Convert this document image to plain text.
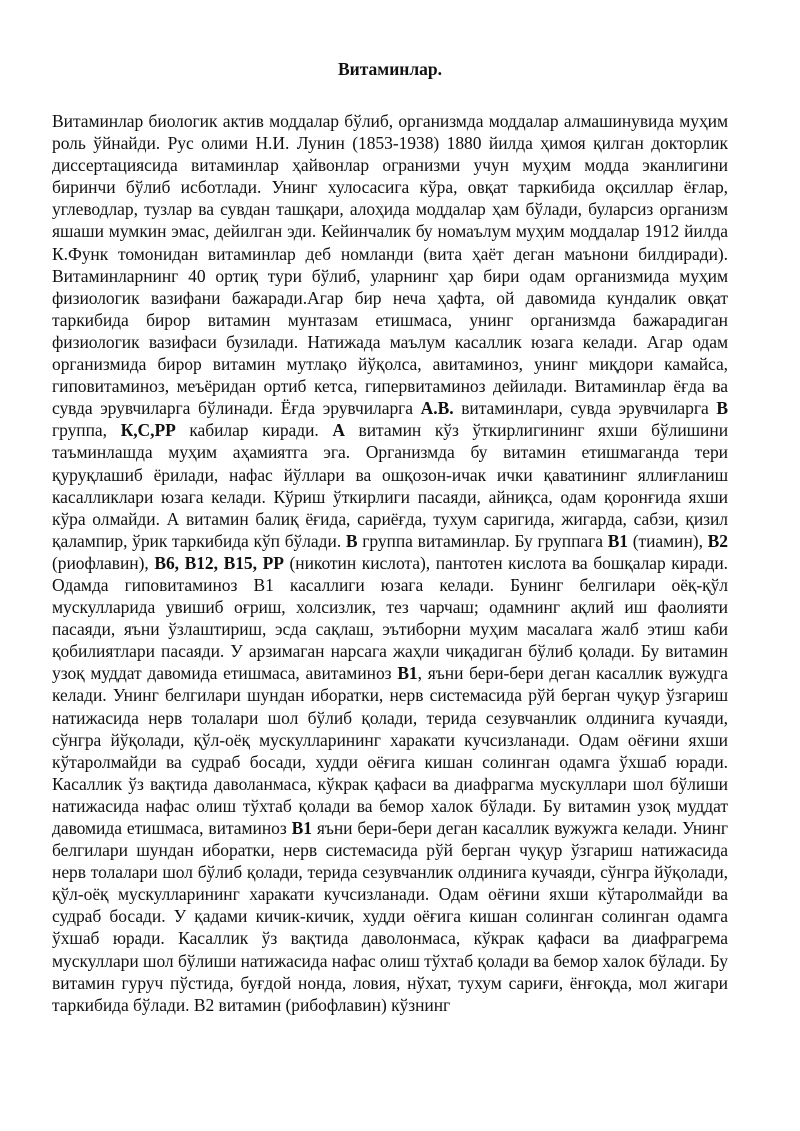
Витаминлар.

Витаминлар биологик актив моддалар бўлиб, организмда моддалар алмашинувида муҳим роль ўйнайди. Рус олими Н.И. Лунин (1853-1938) 1880 йилда ҳимоя қилган докторлик диссертациясида витаминлар ҳайвонлар огранизми учун муҳим модда эканлигини биринчи бўлиб исботлади. Унинг хулосасига кўра, овқат таркибида оқсиллар ёғлар, углеводлар, тузлар ва сувдан ташқари, алоҳида моддалар ҳам бўлади, буларсиз организм яшаши мумкин эмас, дейилган эди. Кейинчалик бу номаълум муҳим моддалар 1912 йилда К.Функ томонидан витаминлар деб номланди (вита ҳаёт деган маънони билдиради). Витаминларнинг 40 ортиқ тури бўлиб, уларнинг ҳар бири одам организмида муҳим физиологик вазифани бажаради.Агар бир неча ҳафта, ой давомида кундалик овқат таркибида бирор витамин мунтазам етишмаса, унинг организмда бажарадиган физиологик вазифаси бузилади. Натижада маълум касаллик юзага келади. Агар одам организмида бирор витамин мутлақо йўқолса, авитаминоз, унинг миқдори камайса, гиповитаминоз, меъёридан ортиб кетса, гипервитаминоз дейилади. Витаминлар ёғда ва сувда эрувчиларга бўлинади. Ёғда эрувчиларга А.В. витаминлари, сувда эрувчиларга В группа, К,С,РР кабилар киради. А витамин кўз ўткирлигининг яхши бўлишини таъминлашда муҳим аҳамиятга эга. Организмда бу витамин етишмаганда тери қуруқлашиб ёрилади, нафас йўллари ва ошқозон-ичак ички қаватининг яллиғланиш касалликлари юзага келади. Кўриш ўткирлиги пасаяди, айниқса, одам қоронғида яхши кўра олмайди. А витамин балиқ ёғида, сариёғда, тухум саригида, жигарда, сабзи, қизил қалампир, ўрик таркибида кўп бўлади. В группа витаминлар. Бу группага В1 (тиамин), В2 (риофлавин), В6, В12, В15, РР (никотин кислота), пантотен кислота ва бошқалар киради. Одамда гиповитаминоз В1 касаллиги юзага келади. Бунинг белгилари оёқ-қўл мускулларида увишиб оғриш, холсизлик, тез чарчаш; одамнинг ақлий иш фаолияти пасаяди, яъни ўзлаштириш, эсда сақлаш, эътиборни муҳим масалага жалб этиш каби қобилиятлари пасаяди. У арзимаган нарсага жаҳли чиқадиган бўлиб қолади. Бу витамин узоқ муддат давомида етишмаса, авитаминоз В1, яъни бери-бери деган касаллик вужудга келади. Унинг белгилари шундан иборатки, нерв системасида рўй берган чуқур ўзгариш натижасида нерв толалари шол бўлиб қолади, терида сезувчанлик олдинига кучаяди, сўнгра йўқолади, қўл-оёқ мускулларининг харакати кучсизланади. Одам оёғини яхши кўтаролмайди ва судраб босади, худди оёғига кишан солинган одамга ўхшаб юради. Касаллик ўз вақтида даволанмаса, кўкрак қафаси ва диафрагма мускуллари шол бўлиши натижасида нафас олиш тўхтаб қолади ва бемор халок бўлади. Бу витамин узоқ муддат давомида етишмаса, витаминоз В1 яъни бери-бери деган касаллик вужужга келади. Унинг белгилари шундан иборатки, нерв системасида рўй берган чуқур ўзгариш натижасида нерв толалари шол бўлиб қолади, терида сезувчанлик олдинига кучаяди, сўнгра йўқолади, қўл-оёқ мускулларининг харакати кучсизланади. Одам оёғини яхши кўтаролмайди ва судраб босади. У қадами кичик-кичик, худди оёғига кишан солинган солинган одамга ўхшаб юради. Касаллик ўз вақтида даволонмаса, кўкрак қафаси ва диафрагрема мускуллари шол бўлиши натижасида нафас олиш тўхтаб қолади ва бемор халок бўлади. Бу витамин гуруч пўстида, буғдой нонда, ловия, нўхат, тухум сариғи, ёнғоқда, мол жигари таркибида бўлади. В2 витамин (рибофлавин) кўзнинг
